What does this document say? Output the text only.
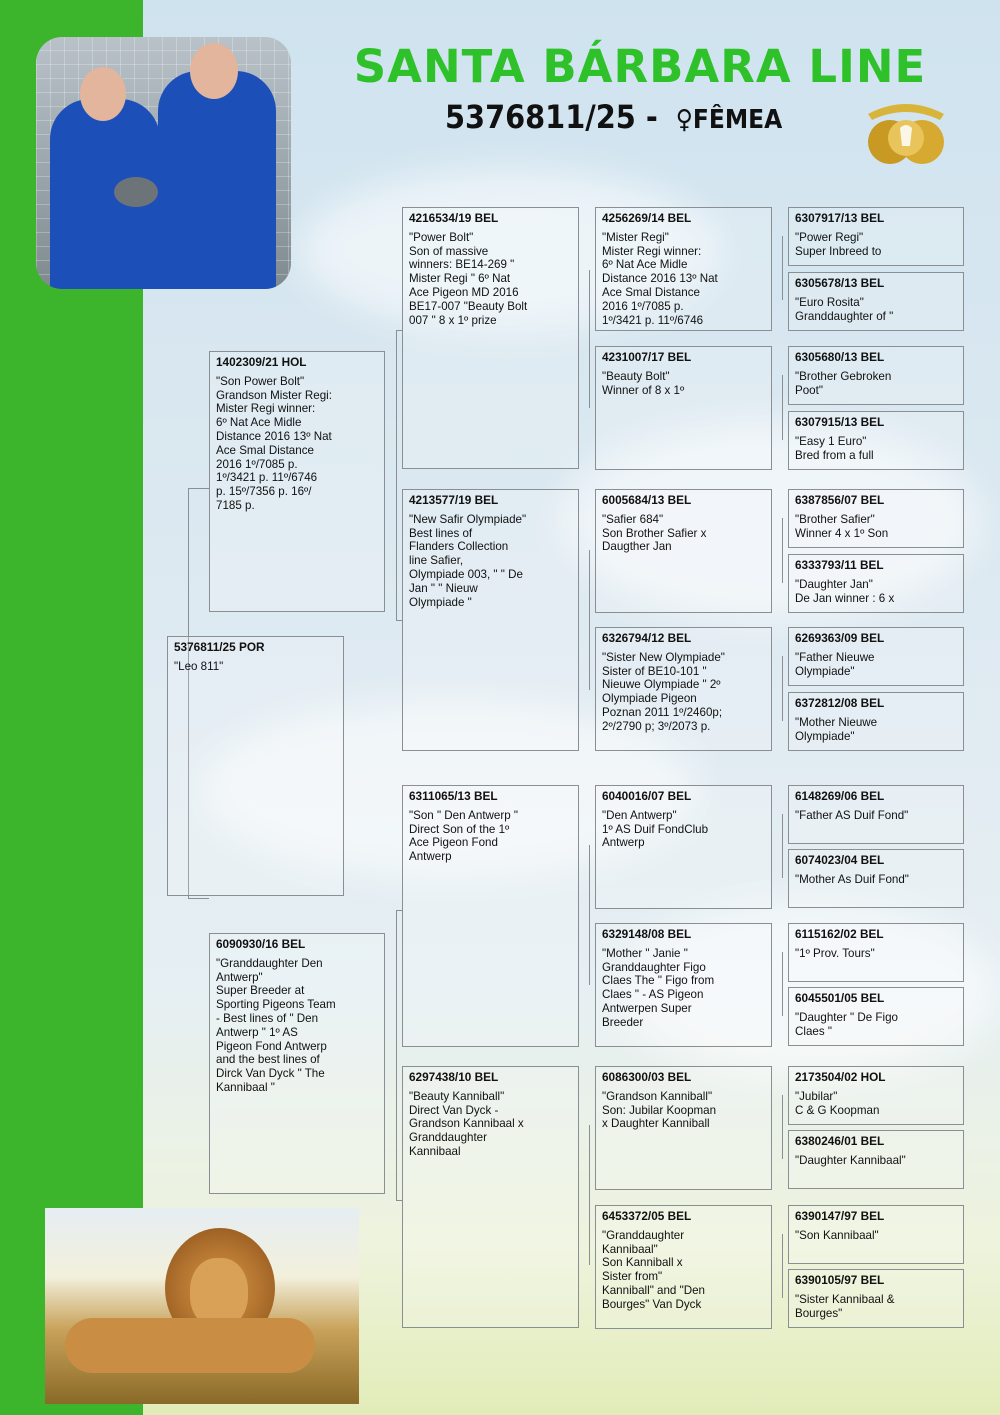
SANTA BÁRBARA LINE
5376811/25 - ♀FÊMEA
5376811/25 POR
"Leo 811"
1402309/21 HOL
"Son Power Bolt"
Grandson Mister Regi:
Mister Regi winner:
6º Nat Ace Midle
Distance 2016 13º Nat
Ace Smal Distance
2016 1º/7085 p.
1º/3421 p. 11º/6746
p. 15º/7356 p. 16º/
7185 p.
6090930/16 BEL
"Granddaughter Den
Antwerp"
Super Breeder at
Sporting Pigeons Team
- Best lines of " Den
Antwerp " 1º AS
Pigeon Fond Antwerp
and the best lines of
Dirck Van Dyck " The
Kannibaal "
4216534/19 BEL
"Power Bolt"
Son of massive
winners: BE14-269 "
Mister Regi " 6º Nat
Ace Pigeon MD 2016
BE17-007 "Beauty Bolt
007 " 8 x 1º prize
4213577/19 BEL
"New Safir Olympiade"
Best lines of
Flanders Collection
line Safier,
Olympiade 003, " " De
Jan " " Nieuw
Olympiade "
6311065/13 BEL
"Son " Den Antwerp "
Direct Son of the 1º
Ace Pigeon Fond
Antwerp
6297438/10 BEL
"Beauty Kanniball"
Direct Van Dyck -
Grandson Kannibaal x
Granddaughter
Kannibaal
4256269/14 BEL
"Mister Regi"
Mister Regi winner:
6º Nat Ace Midle
Distance 2016 13º Nat
Ace Smal Distance
2016 1º/7085 p.
1º/3421 p. 11º/6746
4231007/17 BEL
"Beauty Bolt"
Winner of 8 x 1º
6005684/13 BEL
"Safier 684"
Son Brother Safier x
Daugther Jan
6326794/12 BEL
"Sister New Olympiade"
Sister of BE10-101 "
Nieuwe Olympiade " 2º
Olympiade Pigeon
Poznan 2011 1º/2460p;
2º/2790 p; 3º/2073 p.
6040016/07 BEL
"Den Antwerp"
1º AS Duif FondClub
Antwerp
6329148/08 BEL
"Mother " Janie "
Granddaughter Figo
Claes The " Figo from
Claes " - AS Pigeon
Antwerpen Super
Breeder
6086300/03 BEL
"Grandson Kanniball"
Son: Jubilar Koopman
x Daughter Kanniball
6453372/05 BEL
"Granddaughter
Kannibaal"
Son Kanniball x
Sister from"
Kanniball" and "Den
Bourges" Van Dyck
6307917/13 BEL
"Power Regi"
Super Inbreed to
6305678/13 BEL
"Euro Rosita"
Granddaughter of "
6305680/13 BEL
"Brother Gebroken
Poot"
6307915/13 BEL
"Easy 1 Euro"
Bred from a full
6387856/07 BEL
"Brother Safier"
Winner 4 x 1º Son
6333793/11 BEL
"Daughter Jan"
De Jan winner : 6 x
6269363/09 BEL
"Father Nieuwe
Olympiade"
6372812/08 BEL
"Mother Nieuwe
Olympiade"
6148269/06 BEL
"Father AS Duif Fond"
6074023/04 BEL
"Mother As Duif Fond"
6115162/02 BEL
"1º Prov. Tours"
6045501/05 BEL
"Daughter " De Figo
Claes "
2173504/02 HOL
"Jubilar"
C & G Koopman
6380246/01 BEL
"Daughter Kannibaal"
6390147/97 BEL
"Son Kannibaal"
6390105/97 BEL
"Sister Kannibaal &
Bourges"
